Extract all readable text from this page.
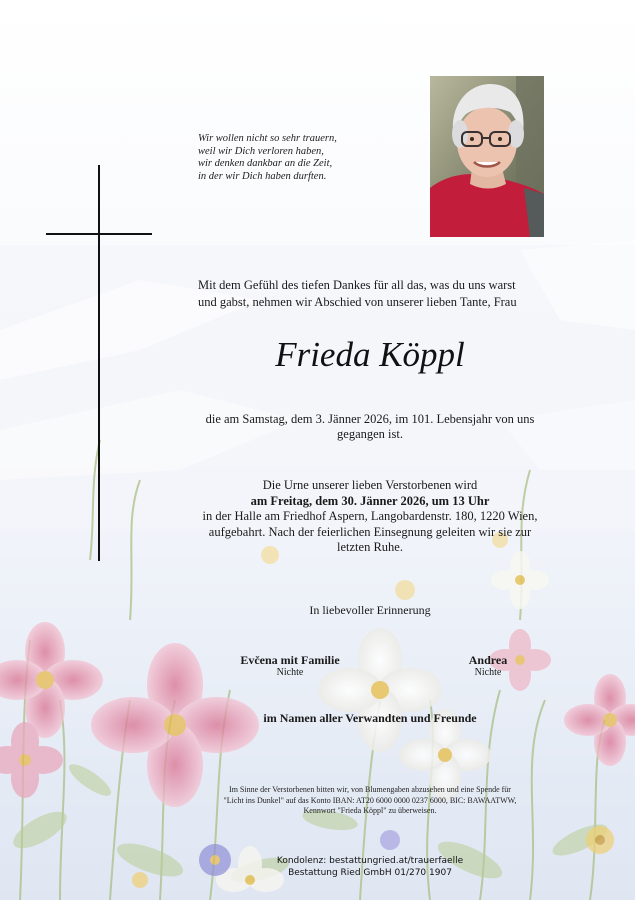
Wir wollen nicht so sehr trauern,
weil wir Dich verloren haben,
wir denken dankbar an die Zeit,
in der wir Dich haben durften.
Mit dem Gefühl des tiefen Dankes für all das, was du uns warst
und gabst, nehmen wir Abschied von unserer lieben Tante, Frau
Frieda Köppl
die am Samstag, dem 3. Jänner 2026, im 101. Lebensjahr von uns
gegangen ist.
Die Urne unserer lieben Verstorbenen wird
am Freitag, dem 30. Jänner 2026, um 13 Uhr
in der Halle am Friedhof Aspern, Langobardenstr. 180, 1220 Wien,
aufgebahrt. Nach der feierlichen Einsegnung geleiten wir sie zur
letzten Ruhe.
In liebevoller Erinnerung
Evčena mit Familie
Nichte
Andrea
Nichte
im Namen aller Verwandten und Freunde
Im Sinne der Verstorbenen bitten wir, von Blumengaben abzusehen und eine Spende für
"Licht ins Dunkel" auf das Konto IBAN: AT20 6000 0000 0237 6000, BIC: BAWAATWW,
Kennwort "Frieda Köppl" zu überweisen.
Kondolenz: bestattungried.at/trauerfaelle
Bestattung Ried GmbH 01/270 1907
